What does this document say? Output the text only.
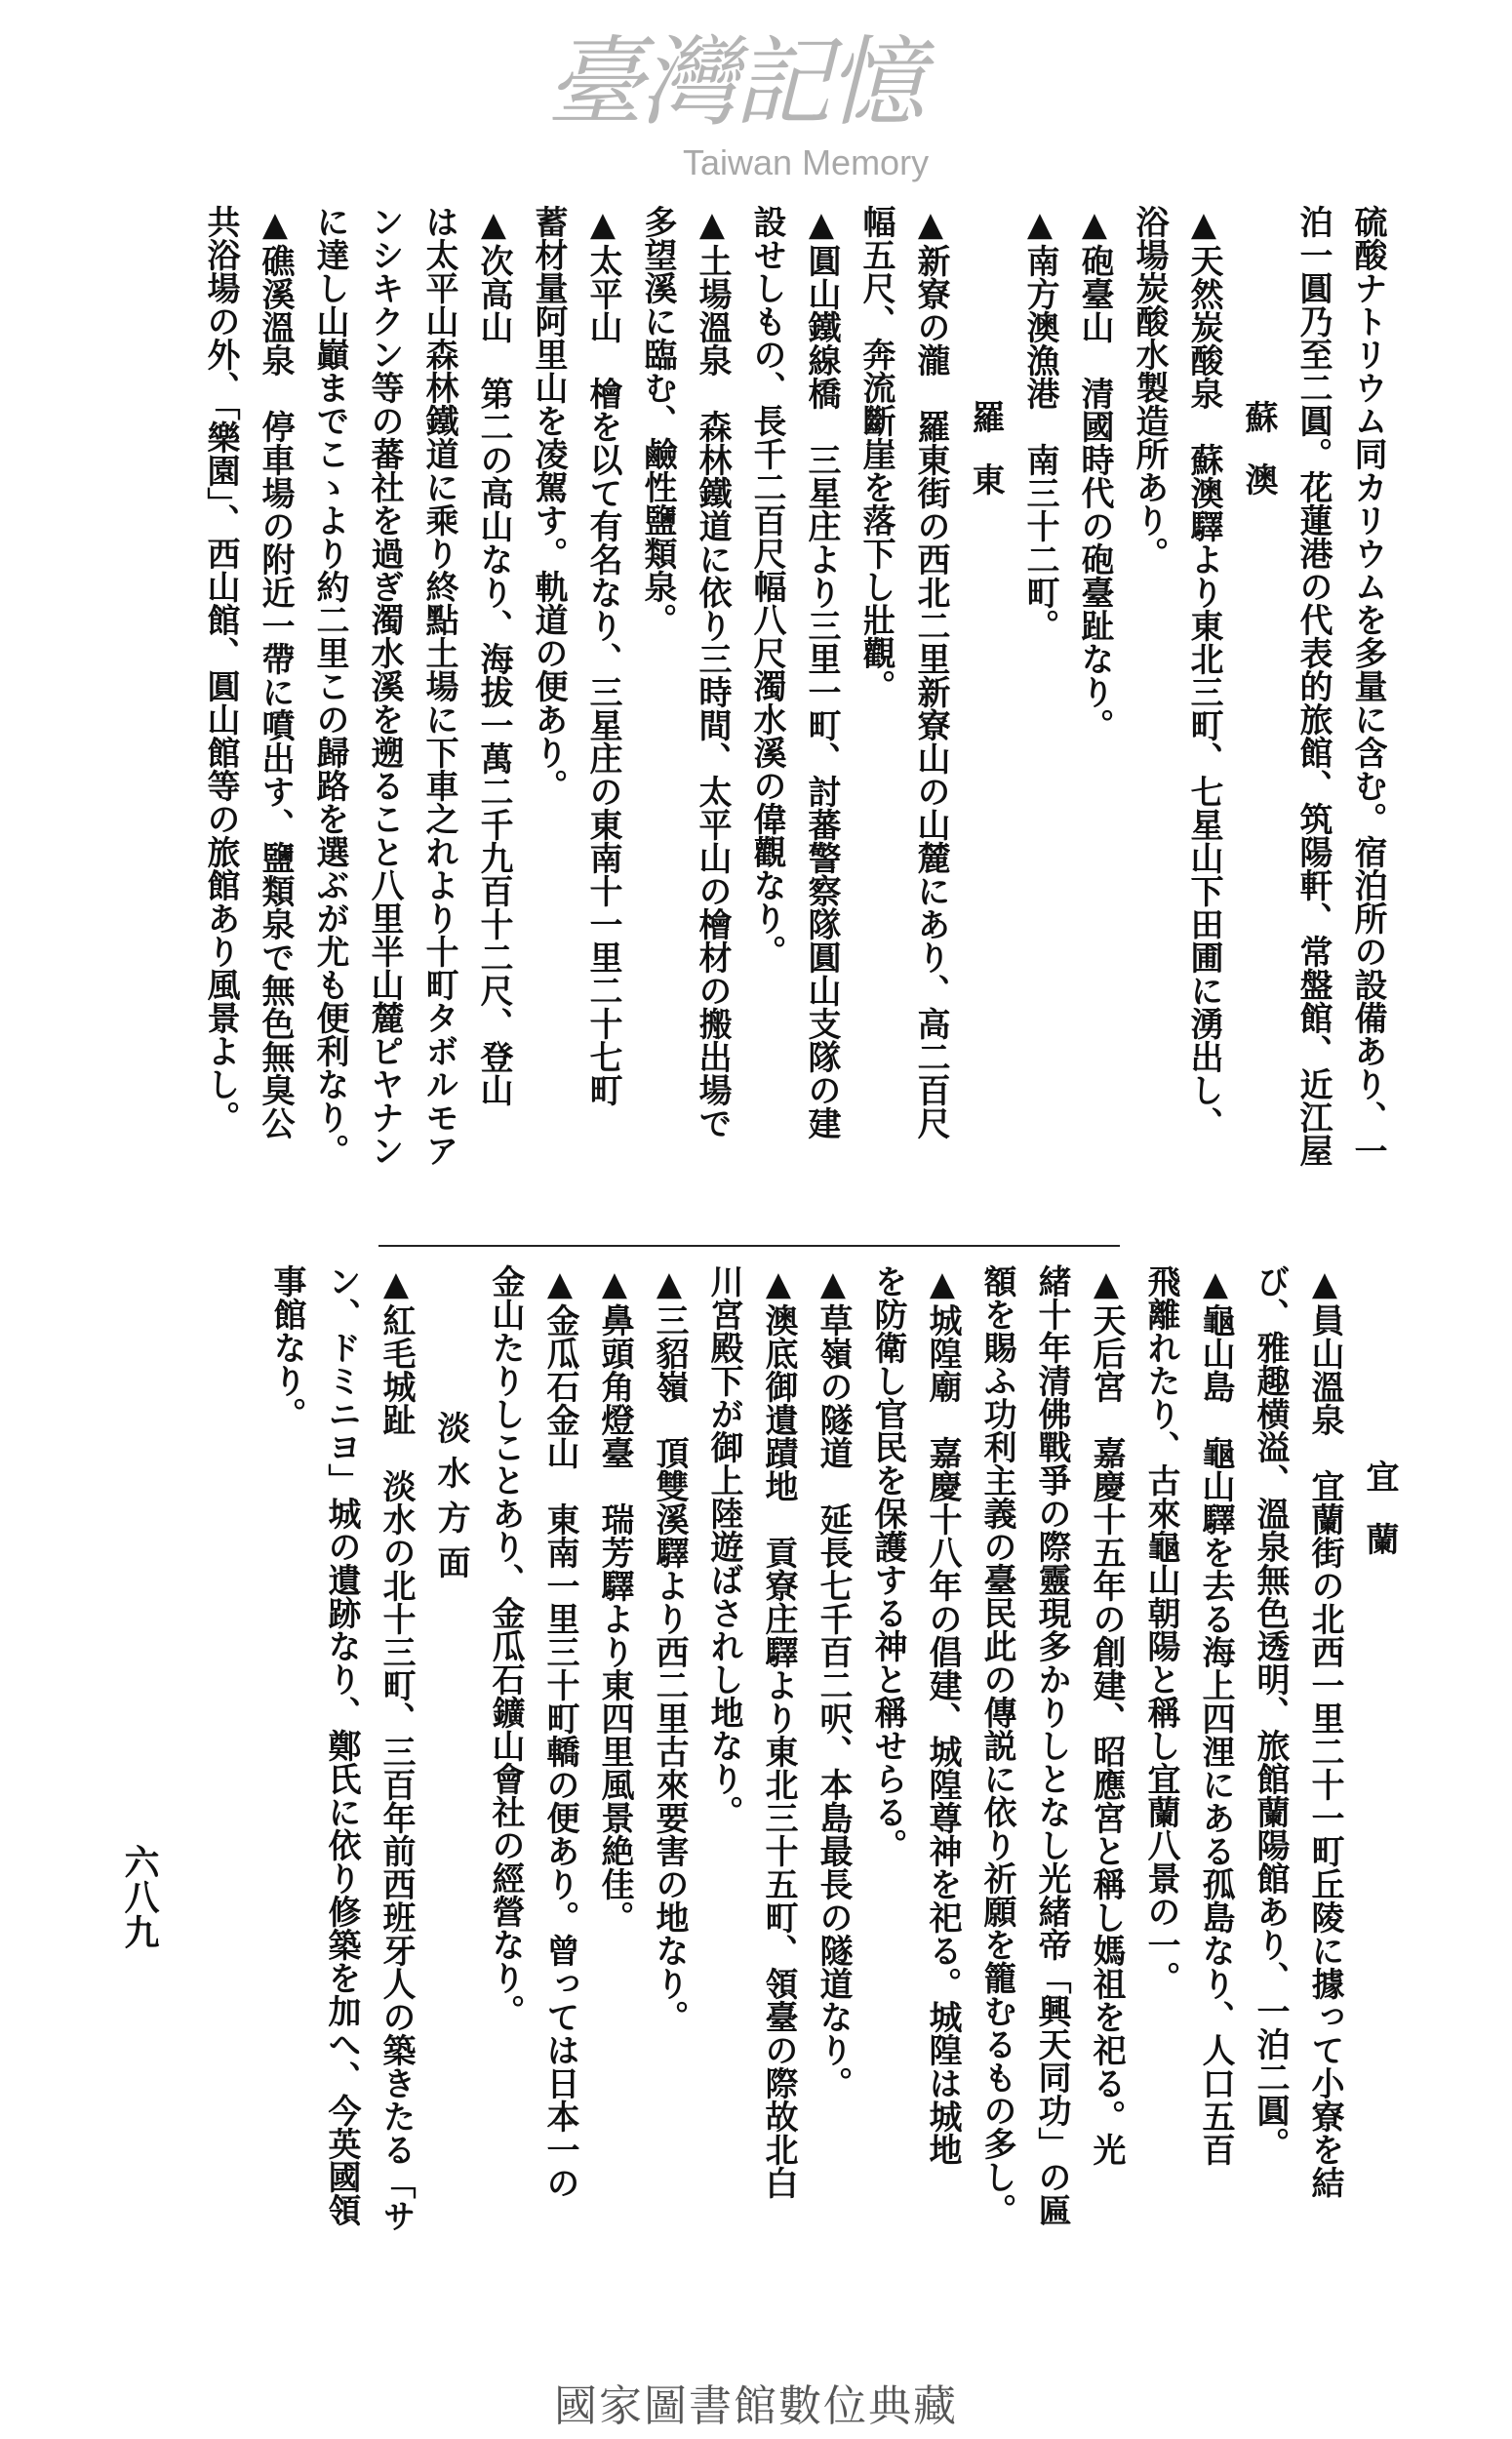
硫酸ナトリウム同カリウムを多量に含む。宿泊所の設備あり、一
泊一圓乃至二圓。花蓮港の代表的旅館、筑陽軒、常盤館、近江屋
蘇澳
▲天然炭酸泉　蘇澳驛より東北三町、七星山下田圃に湧出し、
浴場炭酸水製造所あり。
▲砲臺山　清國時代の砲臺趾なり。
▲南方澳漁港　南三十二町。
羅東
▲新寮の瀧　羅東街の西北二里新寮山の山麓にあり、高二百尺
幅五尺、奔流斷崖を落下し壯觀。
▲圓山鐵線橋　三星庄より三里一町、討蕃警察隊圓山支隊の建
設せしもの、長千二百尺幅八尺濁水溪の偉觀なり。
▲土場溫泉　森林鐵道に依り三時間、太平山の檜材の搬出場で
多望溪に臨む、鹼性鹽類泉。
▲太平山　檜を以て有名なり、三星庄の東南十一里二十七町
蓄材量阿里山を凌駕す。軌道の便あり。
▲次高山　第二の高山なり、海拔一萬二千九百十二尺、登山
は太平山森林鐵道に乘り終點土場に下車之れより十町タボルモア
ンシキクン等の蕃社を過ぎ濁水溪を遡ること八里半山麓ピヤナン
に達し山巓までこゝより約二里この歸路を選ぶが尤も便利なり。
▲礁溪溫泉　停車場の附近一帶に噴出す、鹽類泉で無色無臭公
共浴場の外、「樂園」、西山館、圓山館等の旅館あり風景よし。
宜蘭
▲員山溫泉　宜蘭街の北西一里二十一町丘陵に據って小寮を結
び、雅趣横溢、溫泉無色透明、旅館蘭陽館あり、一泊二圓。
▲龜山島　龜山驛を去る海上四浬にある孤島なり、人口五百
飛離れたり、古來龜山朝陽と稱し宜蘭八景の一。
▲天后宮　嘉慶十五年の創建、昭應宮と稱し媽祖を祀る。光
緒十年清佛戰爭の際靈現多かりしとなし光緒帝「興天同功」の匾
額を賜ふ功利主義の臺民此の傳説に依り祈願を籠むるもの多し。
▲城隍廟　嘉慶十八年の倡建、城隍尊神を祀る。城隍は城地
を防衛し官民を保護する神と稱せらる。
▲草嶺の隧道　延長七千百二呎、本島最長の隧道なり。
▲澳底御遺蹟地　貢寮庄驛より東北三十五町、領臺の際故北白
川宮殿下が御上陸遊ばされし地なり。
▲三貂嶺　頂雙溪驛より西二里古來要害の地なり。
▲鼻頭角燈臺　瑞芳驛より東四里風景絶佳。
▲金瓜石金山　東南一里三十町轎の便あり。曾っては日本一の
金山たりしことあり、金瓜石鑛山會社の經營なり。
淡水方面
▲紅毛城趾　淡水の北十三町、三百年前西班牙人の築きたる「サ
ン、ドミニヨ」城の遺跡なり、鄭氏に依り修築を加へ、今英國領
事館なり。
臺灣記憶
Taiwan Memory
六八九
國家圖書館數位典藏
